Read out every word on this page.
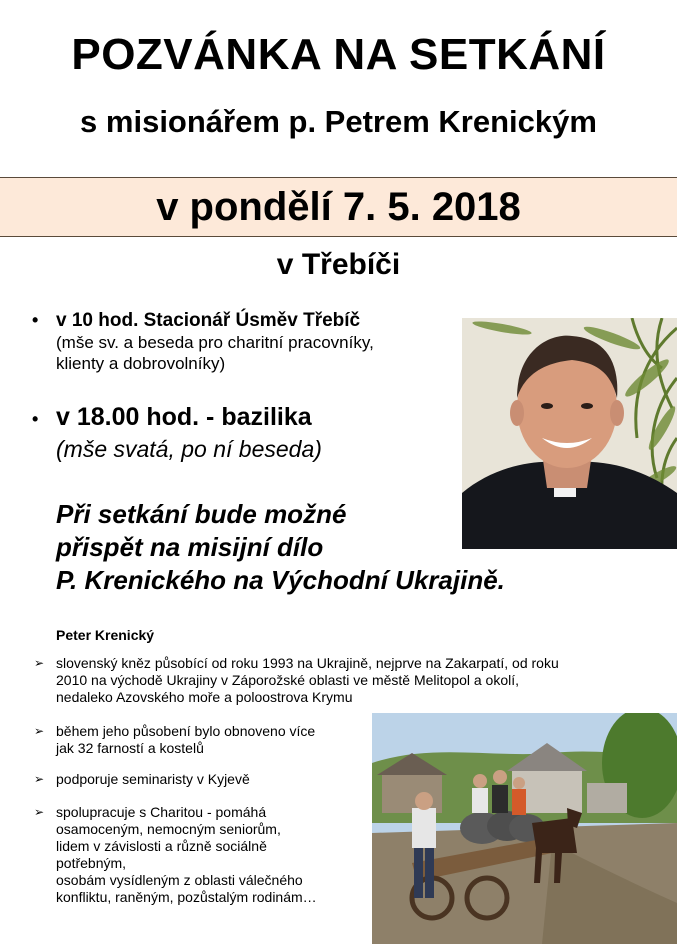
POZVÁNKA NA SETKÁNÍ
s misionářem p. Petrem Krenickým
v pondělí 7. 5. 2018
v Třebíči
• v 10 hod. Stacionář Úsměv Třebíč
(mše sv. a beseda pro charitní pracovníky,
klienty a dobrovolníky)
• v 18.00 hod. - bazilika
(mše svatá, po ní beseda)
Při setkání bude možné
přispět na misijní dílo
P. Krenického na Východní Ukrajině.
Peter Krenický
➢ slovenský kněz působící od roku 1993 na Ukrajině, nejprve na Zakarpatí, od roku
2010 na východě Ukrajiny v Záporožské oblasti ve městě Melitopol a okolí,
nedaleko Azovského moře a poloostrova Krymu
➢ během jeho působení bylo obnoveno více
jak 32 farností a kostelů
➢ podporuje seminaristy v Kyjevě
➢ spolupracuje s Charitou - pomáhá
osamoceným, nemocným seniorům,
lidem v závislosti a různě sociálně
potřebným,
osobám vysídleným z oblasti válečného
konfliktu, raněným, pozůstalým rodinám…
